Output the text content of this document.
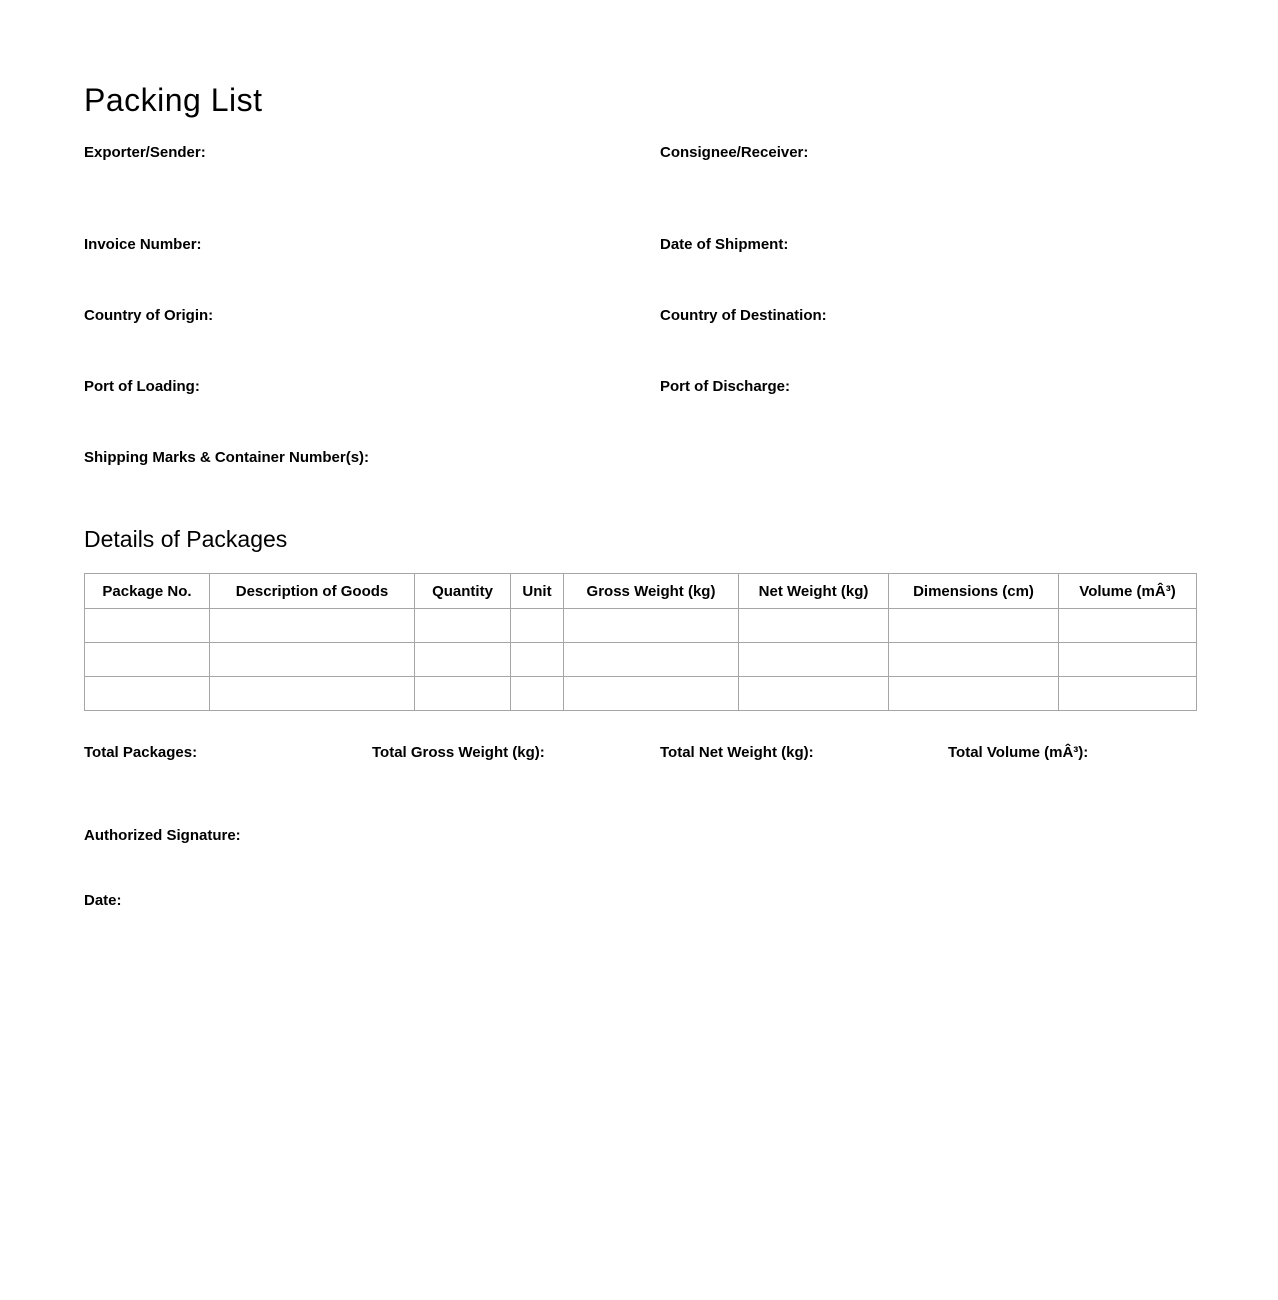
Packing List
Exporter/Sender:	Consignee/Receiver:
Invoice Number:	Date of Shipment:
Country of Origin:	Country of Destination:
Port of Loading:	Port of Discharge:
Shipping Marks & Container Number(s):
Details of Packages
Package No.	Description of Goods	Quantity	Unit	Gross Weight (kg)	Net Weight (kg)	Dimensions (cm)	Volume (mÂ³)

Total Packages:	Total Gross Weight (kg):	Total Net Weight (kg):	Total Volume (mÂ³):
Authorized Signature:
Date:
